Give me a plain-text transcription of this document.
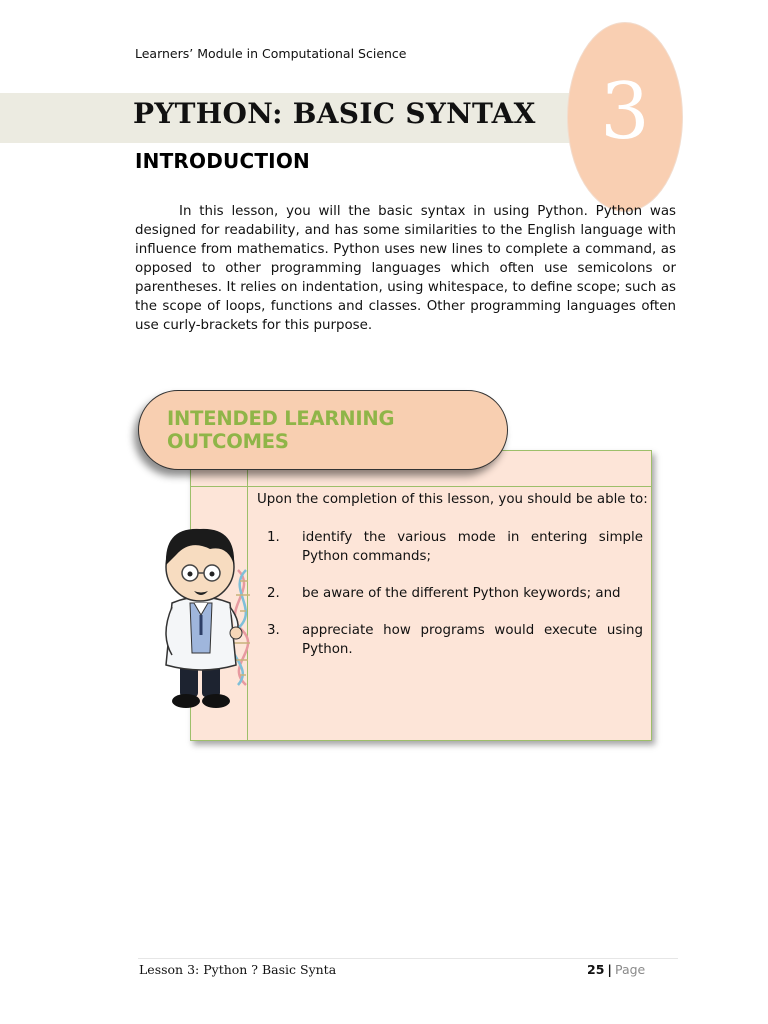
Learners’ Module in Computational Science
PYTHON: BASIC SYNTAX 3
INTRODUCTION

In this lesson, you will the basic syntax in using Python. Python was designed for readability, and has some similarities to the English language with influence from mathematics. Python uses new lines to complete a command, as opposed to other programming languages which often use semicolons or parentheses. It relies on indentation, using whitespace, to define scope; such as the scope of loops, functions and classes. Other programming languages often use curly-brackets for this purpose.

INTENDED LEARNING OUTCOMES
Upon the completion of this lesson, you should be able to:
1.	identify the various mode in entering simple Python commands;
2.	be aware of the different Python keywords; and
3.	appreciate how programs would execute using Python.
Lesson 3: Python ? Basic Synta	25 | Page
